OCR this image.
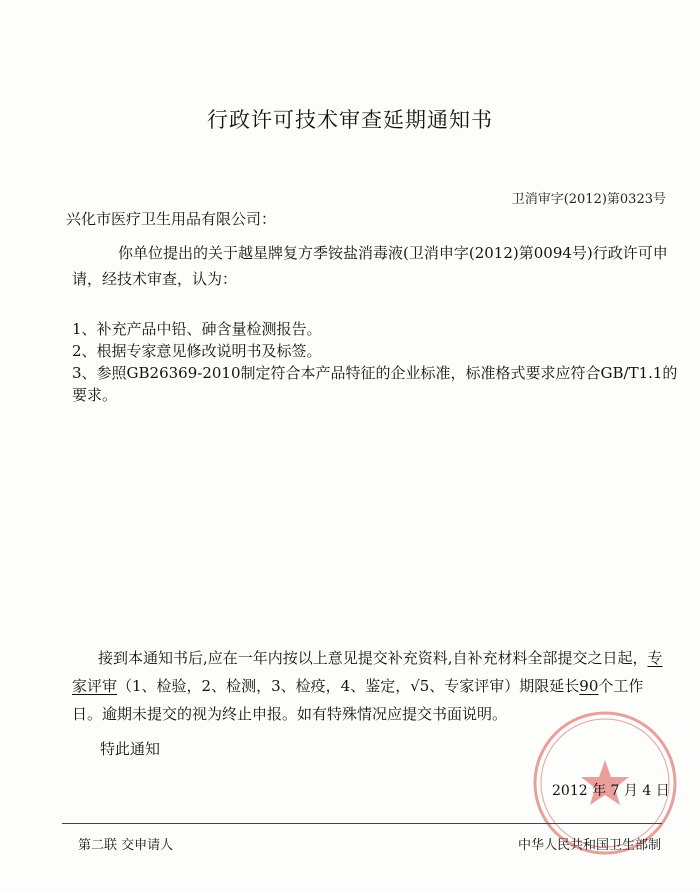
行政许可技术审查延期通知书
卫消审字(2012)第0323号
兴化市医疗卫生用品有限公司：
你单位提出的关于越星牌复方季铵盐消毒液(卫消申字(2012)第0094号)行政许可申请，经技术审查，认为：

1、补充产品中铅、砷含量检测报告。

2、根据专家意见修改说明书及标签。

3、参照GB26369-2010制定符合本产品特征的企业标准，标准格式要求应符合GB/T1.1的要求。

接到本通知书后,应在一年内按以上意见提交补充资料,自补充材料全部提交之日起，专家评审（1、检验，2、检测，3、检疫，4、鉴定，√5、专家评审）期限延长90个工作日。逾期未提交的视为终止申报。如有特殊情况应提交书面说明。
特此通知
2012 年 7 月 4 日
第二联 交申请人	中华人民共和国卫生部制
